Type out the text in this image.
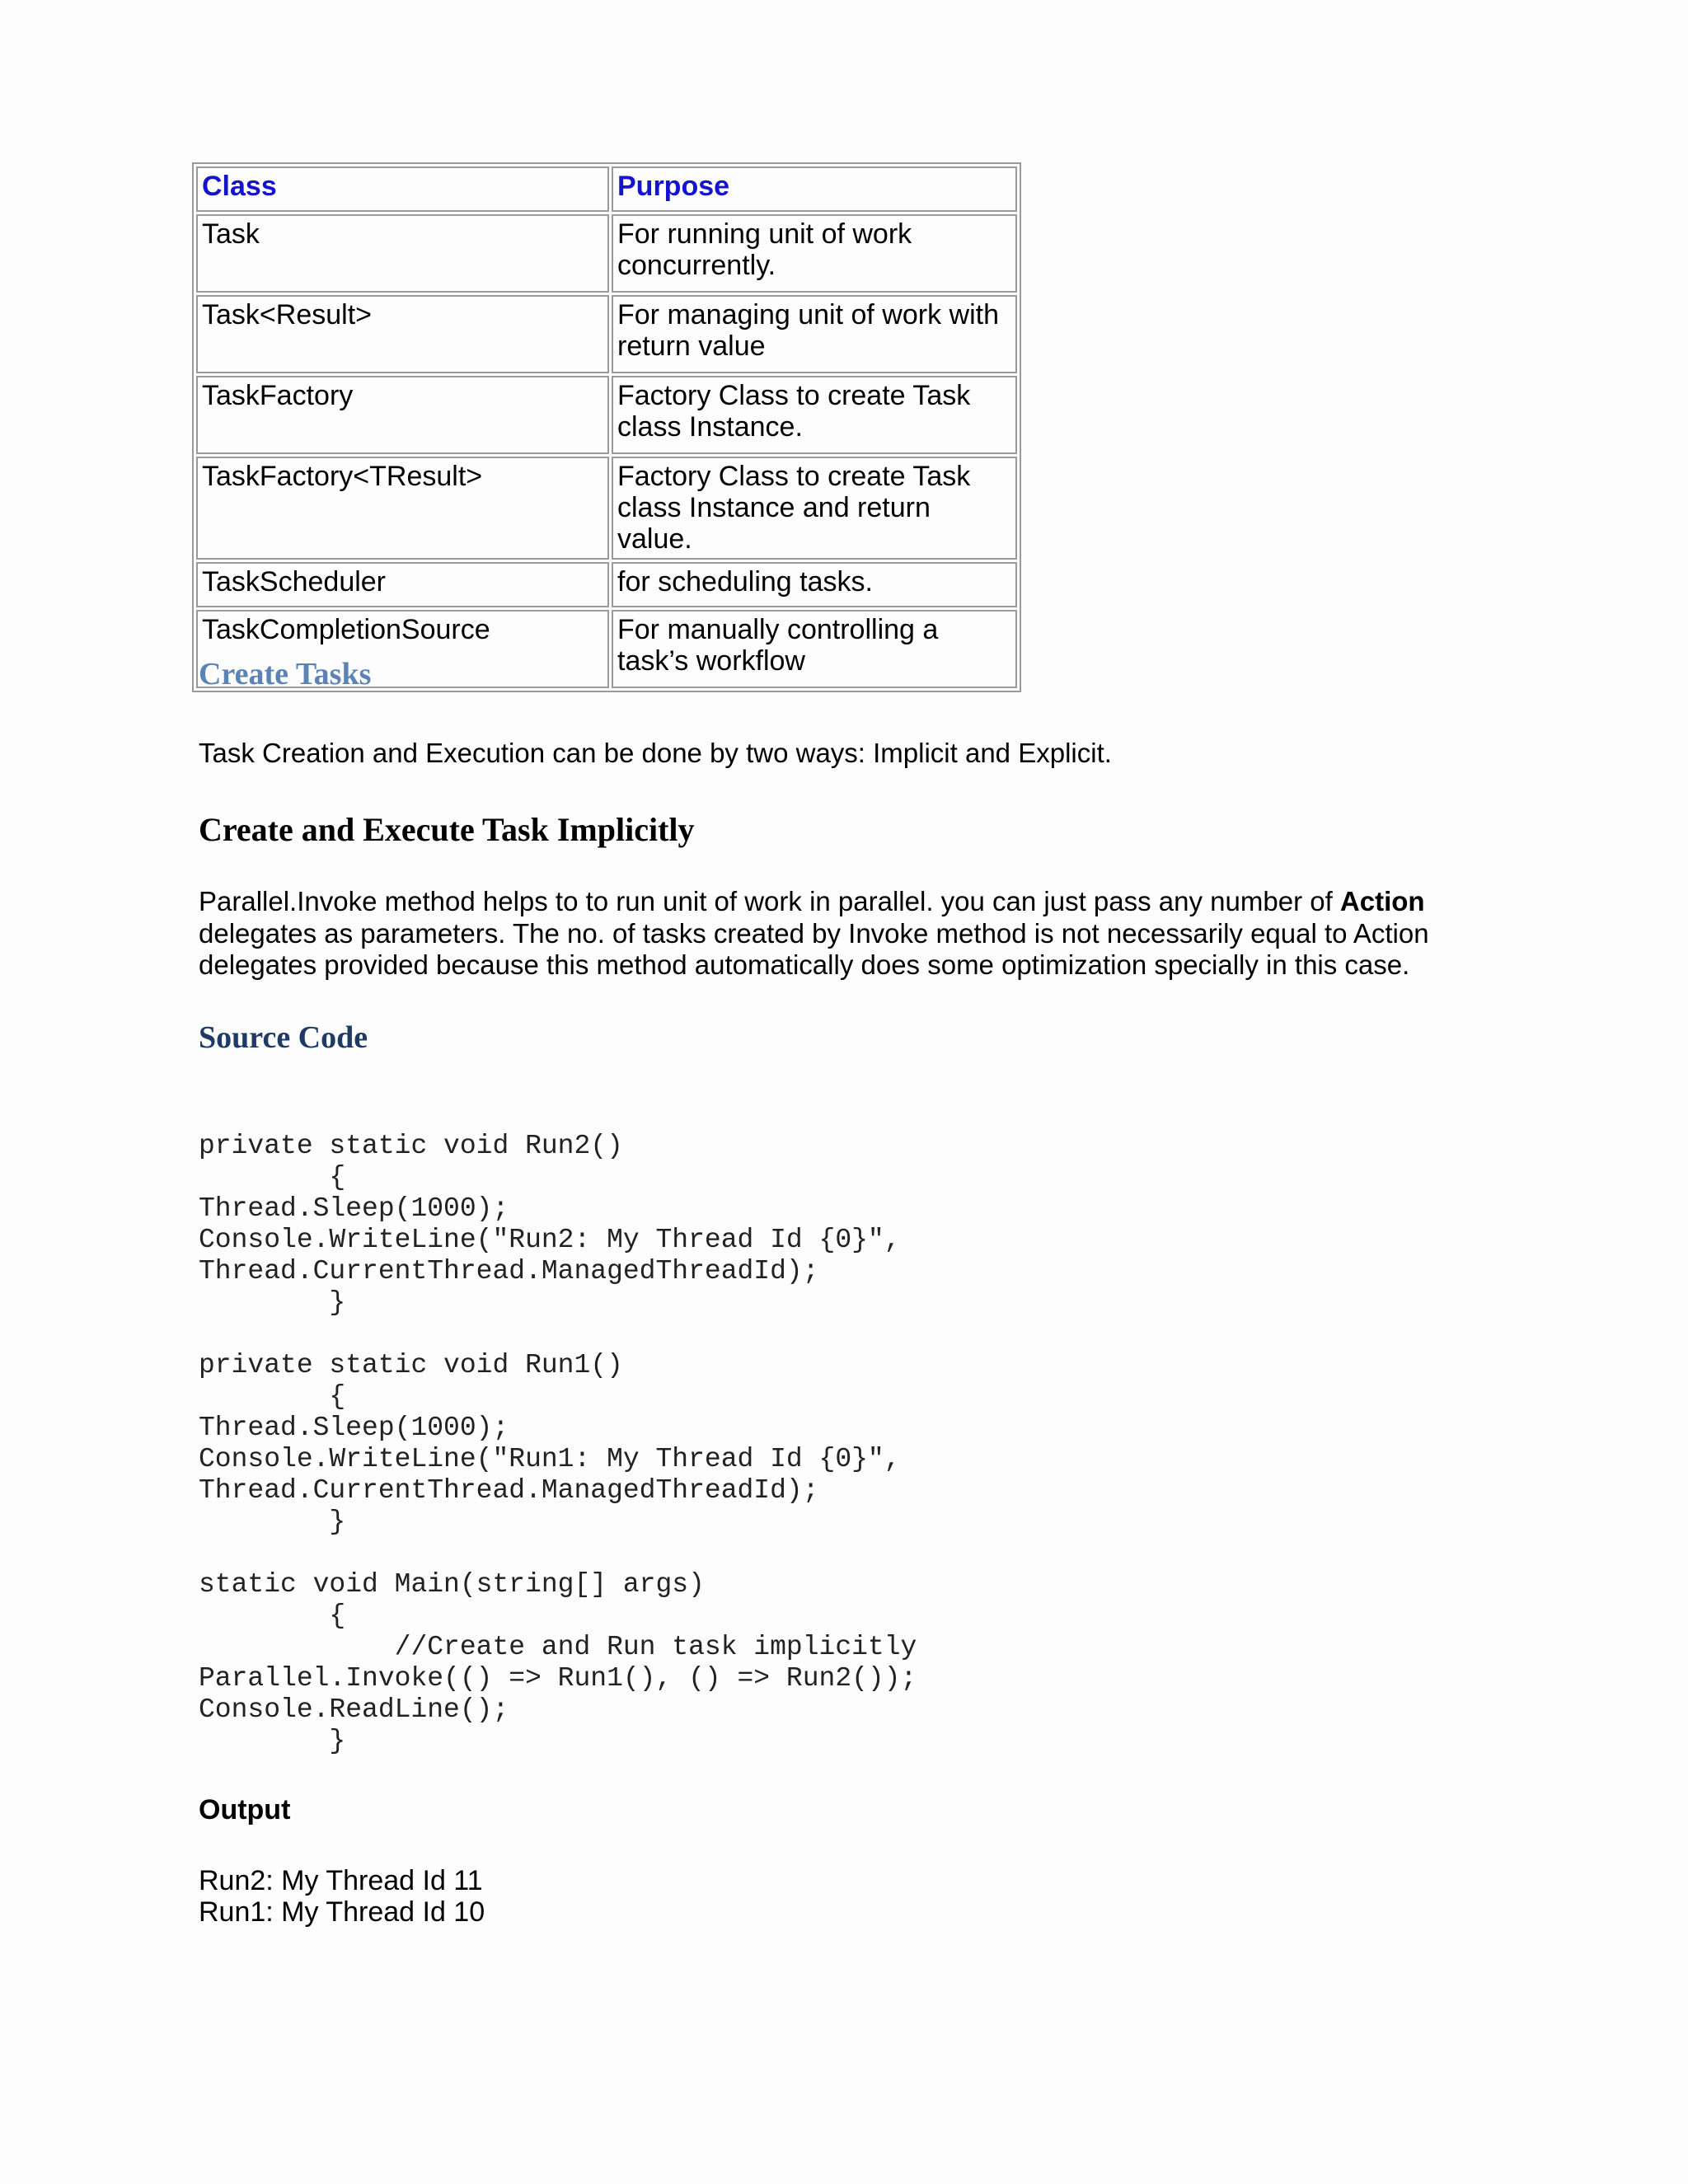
Class	Purpose
Task	For running unit of work concurrently.
Task<Result>	For managing unit of work with return value
TaskFactory	Factory Class to create Task class Instance.
TaskFactory<TResult>	Factory Class to create Task class Instance and return value.
TaskScheduler	for scheduling tasks.
TaskCompletionSource	For manually controlling a task’s workflow
Create Tasks

Task Creation and Execution can be done by two ways: Implicit and Explicit.

Create and Execute Task Implicitly

Parallel.Invoke method helps to to run unit of work in parallel. you can just pass any number of Action delegates as parameters. The no. of tasks created by Invoke method is not necessarily equal to Action delegates provided because this method automatically does some optimization specially in this case.

Source Code
private static void Run2()
{
Thread.Sleep(1000);
Console.WriteLine("Run2: My Thread Id {0}",
Thread.CurrentThread.ManagedThreadId);
}

private static void Run1()
{
Thread.Sleep(1000);
Console.WriteLine("Run1: My Thread Id {0}",
Thread.CurrentThread.ManagedThreadId);
}

static void Main(string[] args)
{
//Create and Run task implicitly
Parallel.Invoke(() => Run1(), () => Run2());
Console.ReadLine();
}

Output

Run2: My Thread Id 11
Run1: My Thread Id 10
